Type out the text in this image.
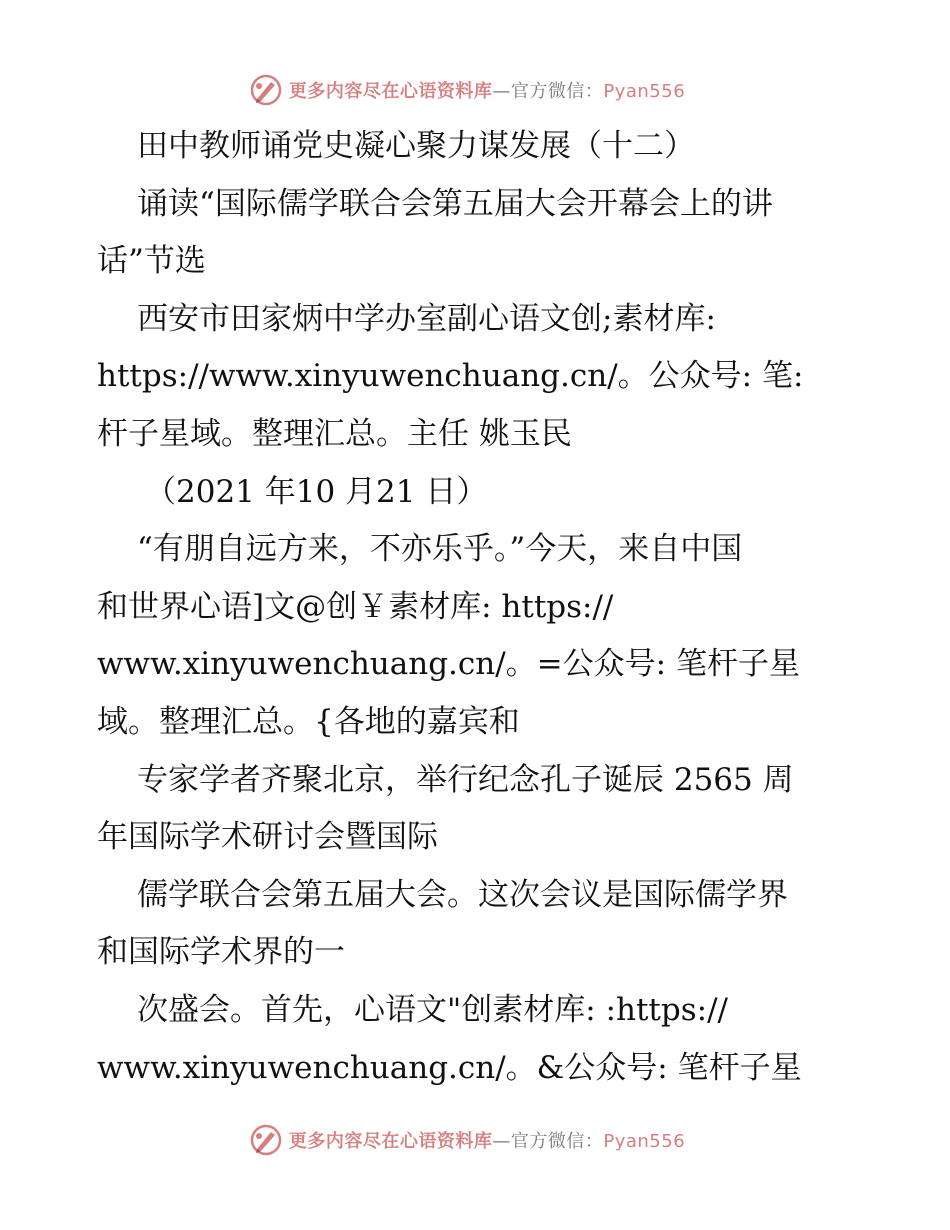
更多内容尽在心语资料库—官方微信：Pyan556
田中教师诵党史凝心聚力谋发展（十二）
诵读“国际儒学联合会第五届大会开幕会上的讲
话”节选
西安市田家炳中学办室副心语文创;素材库:
https://www.xinyuwenchuang.cn/。公众号: 笔:
杆子星域。整理汇总。主任 姚玉民
（2021 年10 月21 日）
“有朋自远方来，不亦乐乎。”今天，来自中国
和世界心语]文@创￥素材库: https://
www.xinyuwenchuang.cn/。=公众号: 笔杆子星
域。整理汇总。{各地的嘉宾和
专家学者齐聚北京，举行纪念孔子诞辰 2565 周
年国际学术研讨会暨国际
儒学联合会第五届大会。这次会议是国际儒学界
和国际学术界的一
次盛会。首先，心语文"创素材库: :https://
www.xinyuwenchuang.cn/。&公众号: 笔杆子星
更多内容尽在心语资料库—官方微信：Pyan556
